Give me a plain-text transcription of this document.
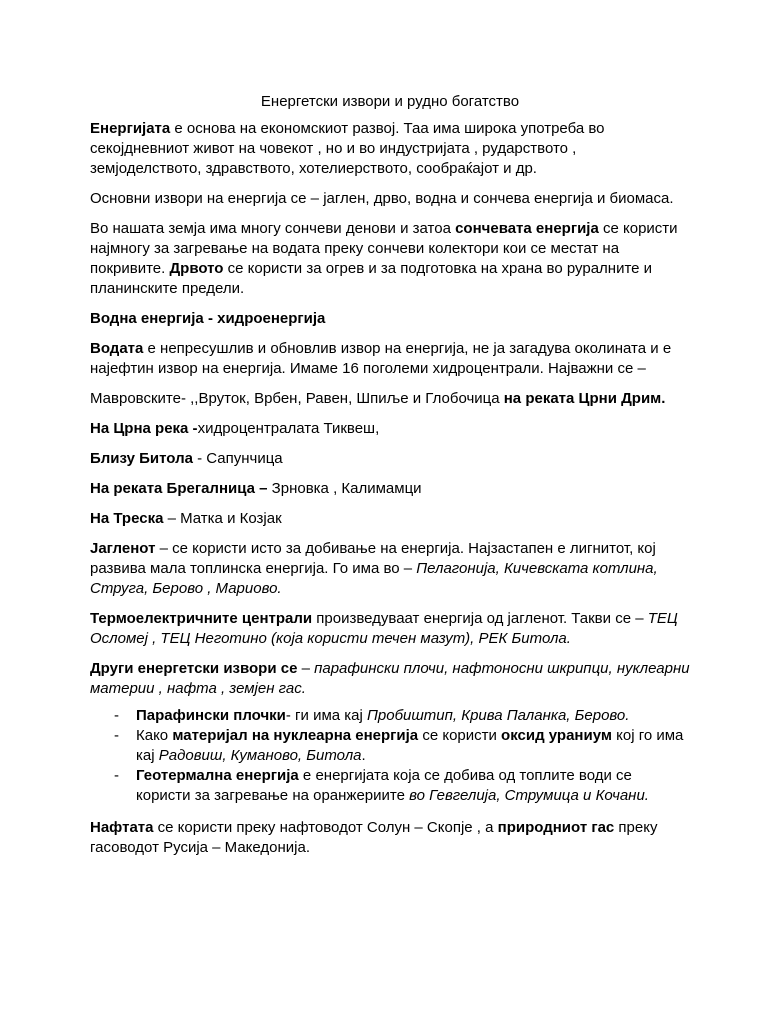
Енергетски извори и рудно богатство

Енергијата е основа на економскиот развој. Таа има широка употреба во секојдневниот живот на човекот , но и во индустријата , рударството , земјоделството, здравството, хотелиерството, сообраќајот и др.

Основни извори на енергија се – јаглен, дрво, водна и сончева енергија и биомаса.

Во нашата земја има многу сончеви денови и затоа сончевата енергија се користи најмногу за загревање на водата преку сончеви колектори кои се местат на покривите. Дрвото се користи за огрев и за подготовка на храна во руралните и планинските предели.

Водна енергија - хидроенергија

Водата е непресушлив и обновлив извор на енергија, не ја загадува околината и е најефтин извор на енергија. Имаме 16 поголеми хидроцентрали. Најважни се –

Мавровските- ,,Вруток, Врбен, Равен, Шпиље и Глобочица на реката Црни Дрим.

На Црна река -хидроцентралата Тиквеш,

Близу Битола - Сапунчица

На реката Брегалница – Зрновка , Калимамци

На Треска – Матка и Козјак

Јагленот – се користи исто за добивање на енергија. Најзастапен е лигнитот, кој развива мала топлинска енергија. Го има во – Пелагонија, Кичевската котлина, Струга, Берово , Мариово.

Термоелектричните централи произведуваат енергија од јагленот. Такви се – ТЕЦ Осломеј , ТЕЦ Неготино (која користи течен мазут), РЕК Битола.

Други енергетски извори се – парафински плочи, нафтоносни шкрипци, нуклеарни материи , нафта , земјен гас.

- Парафински плочки- ги има кај Пробиштип, Крива Паланка, Берово.
- Како материјал на нуклеарна енергија се користи оксид ураниум кој го има кај Радовиш, Куманово, Битола.
- Геотермална енергија е енергијата која се добива од топлите води се користи за загревање на оранжериите во Гевгелија, Струмица и Кочани.

Нафтата се користи преку нафтоводот Солун – Скопје , а природниот гас преку гасоводот Русија – Македонија.
